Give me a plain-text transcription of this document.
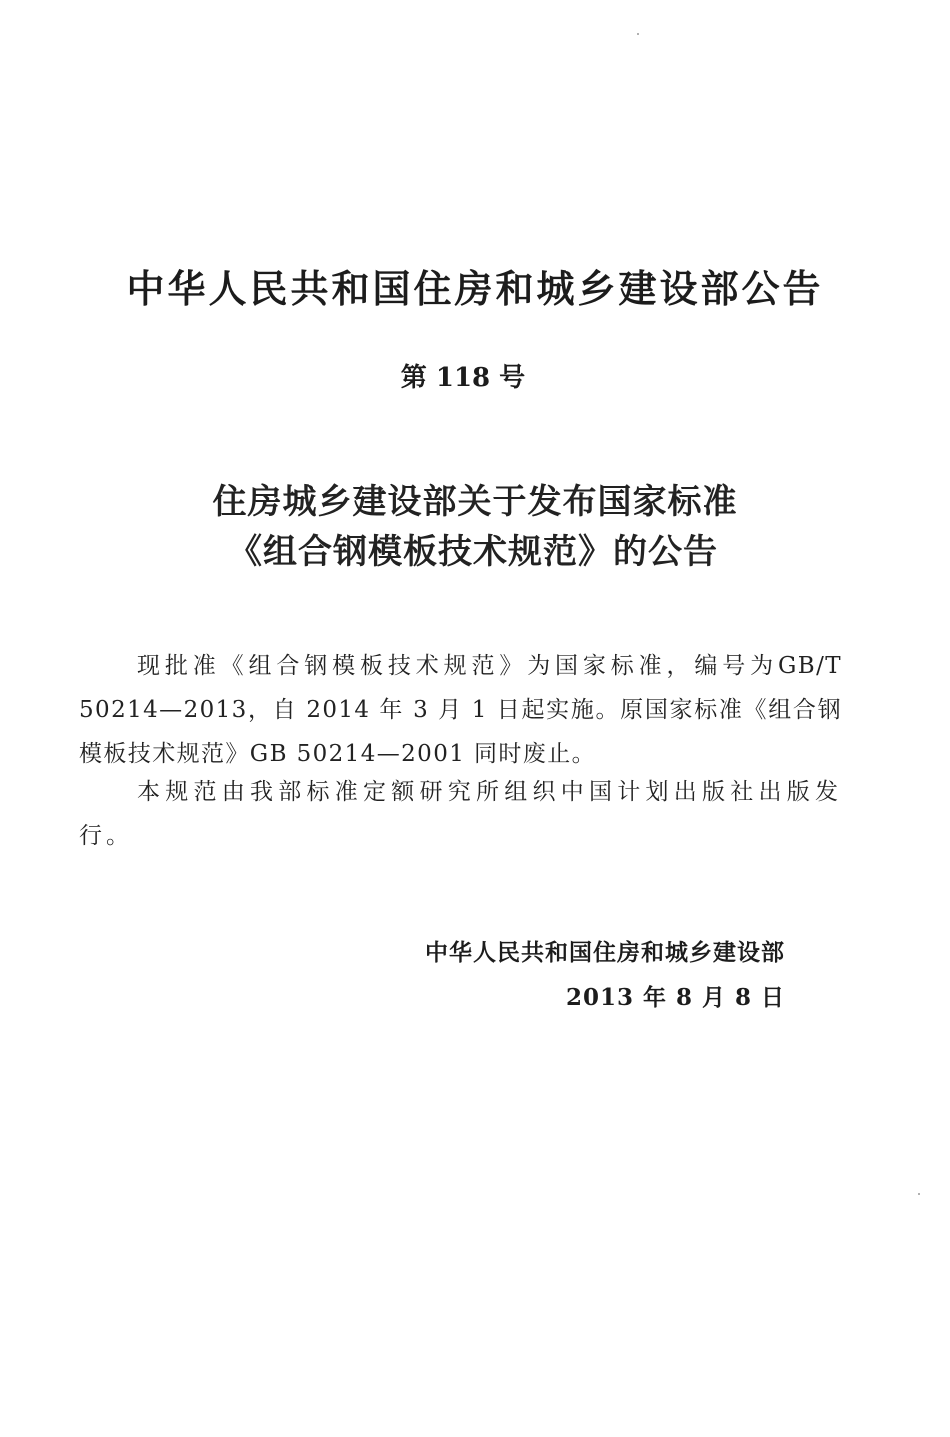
中华人民共和国住房和城乡建设部公告
第 118 号
住房城乡建设部关于发布国家标准
《组合钢模板技术规范》的公告

现批准《组合钢模板技术规范》为国家标准，编号为GB/T 50214—2013，自 2014 年 3 月 1 日起实施。原国家标准《组合钢模板技术规范》GB 50214—2001 同时废止。

本规范由我部标准定额研究所组织中国计划出版社出版发行。

中华人民共和国住房和城乡建设部

2013 年 8 月 8 日
